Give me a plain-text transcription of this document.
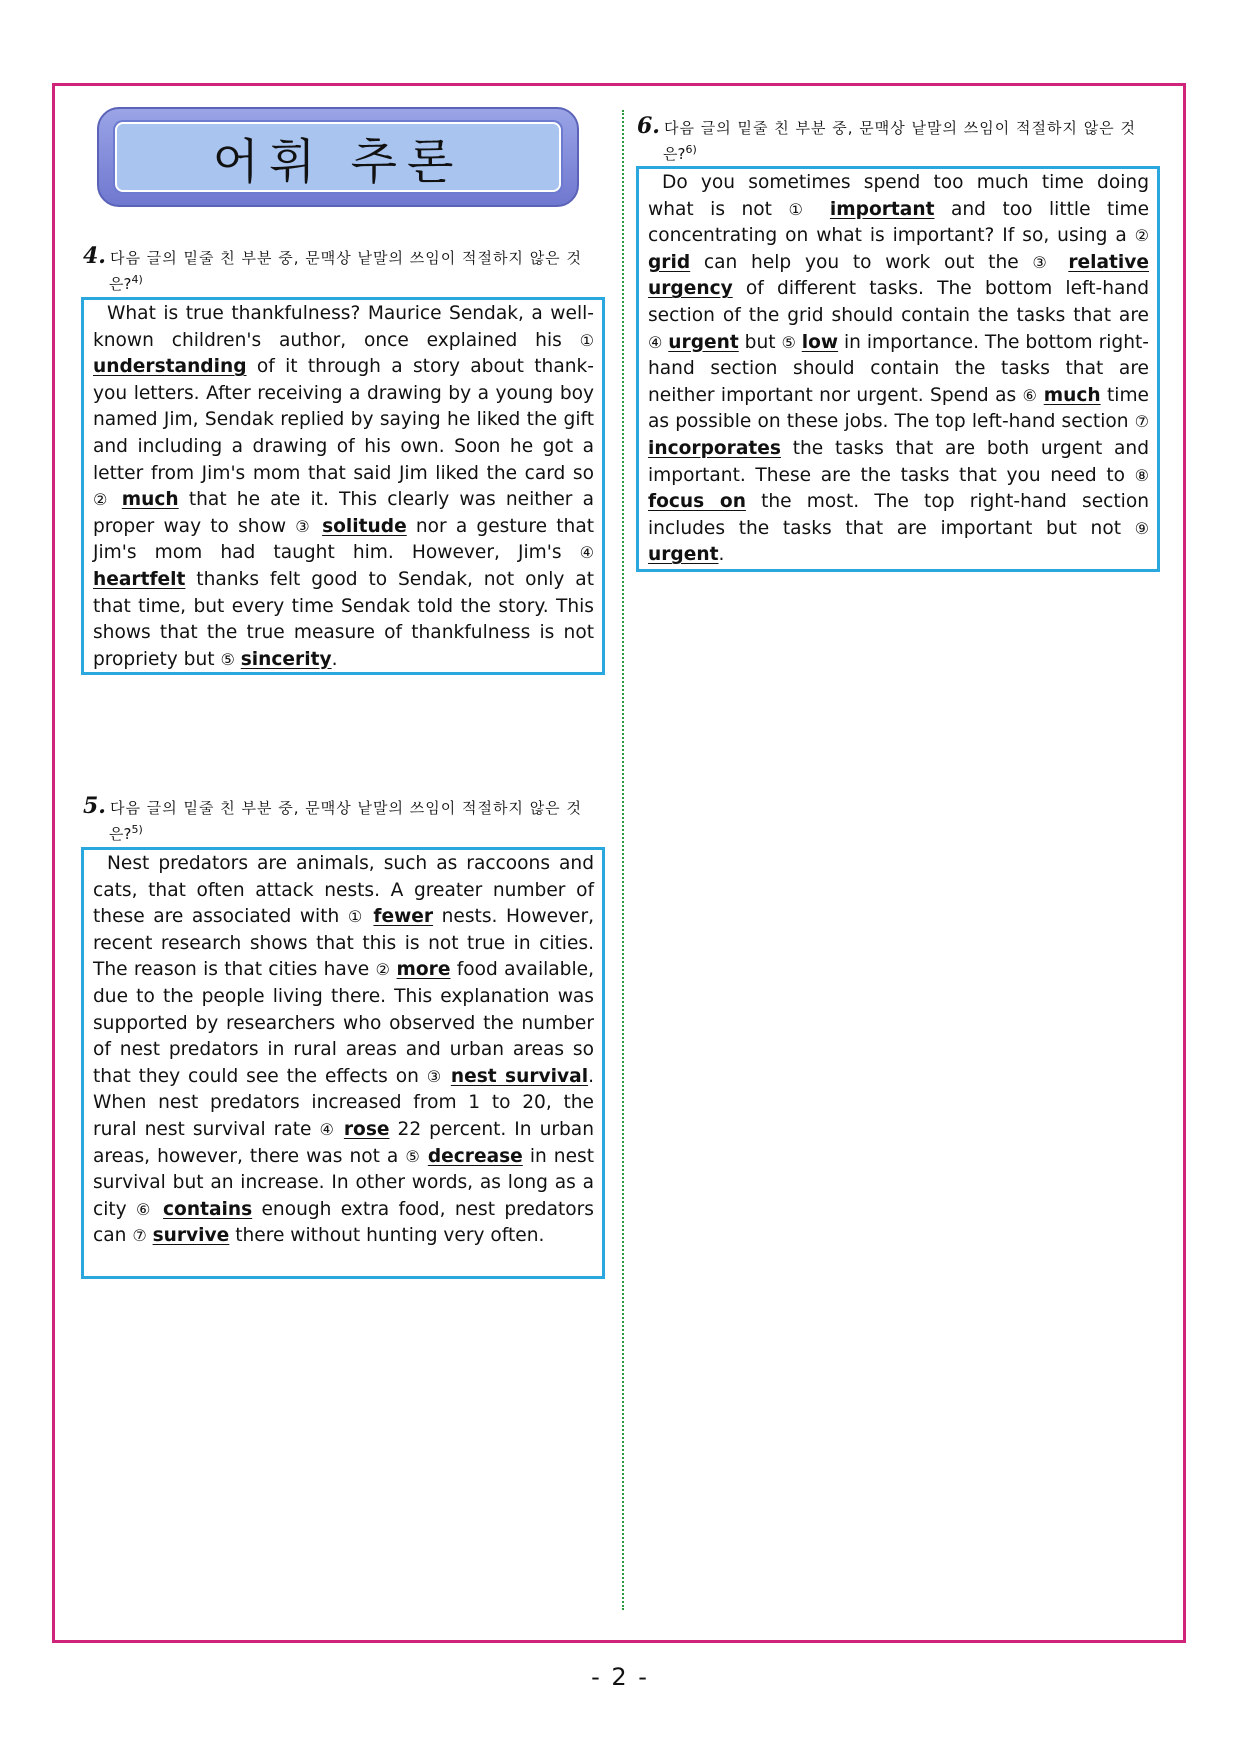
어휘 추론
4. 다음 글의 밑줄 친 부분 중, 문맥상 낱말의 쓰임이 적절하지 않은 것
은?$^{4)}$
What is true thankfulness? Maurice Sendak, a well-known children's author, once explained his ① understanding of it through a story about thank-you letters. After receiving a drawing by a young boy named Jim, Sendak replied by saying he liked the gift and including a drawing of his own. Soon he got a letter from Jim's mom that said Jim liked the card so ② much that he ate it. This clearly was neither a proper way to show ③ solitude nor a gesture that Jim's mom had taught him. However, Jim's ④ heartfelt thanks felt good to Sendak, not only at that time, but every time Sendak told the story. This shows that the true measure of thankfulness is not propriety but ⑤ sincerity.
5. 다음 글의 밑줄 친 부분 중, 문맥상 낱말의 쓰임이 적절하지 않은 것
은?$^{5)}$
Nest predators are animals, such as raccoons and cats, that often attack nests. A greater number of these are associated with ① fewer nests. However, recent research shows that this is not true in cities. The reason is that cities have ② more food available, due to the people living there. This explanation was supported by researchers who observed the number of nest predators in rural areas and urban areas so that they could see the effects on ③ nest survival. When nest predators increased from 1 to 20, the rural nest survival rate ④ rose 22 percent. In urban areas, however, there was not a ⑤ decrease in nest survival but an increase. In other words, as long as a city ⑥ contains enough extra food, nest predators can ⑦ survive there without hunting very often.
6. 다음 글의 밑줄 친 부분 중, 문맥상 낱말의 쓰임이 적절하지 않은 것
은?$^{6)}$
Do you sometimes spend too much time doing what is not ① important and too little time concentrating on what is important? If so, using a ② grid can help you to work out the ③ relative urgency of different tasks. The bottom left-hand section of the grid should contain the tasks that are ④ urgent but ⑤ low in importance. The bottom right-hand section should contain the tasks that are neither important nor urgent. Spend as ⑥ much time as possible on these jobs. The top left-hand section ⑦ incorporates the tasks that are both urgent and important. These are the tasks that you need to ⑧ focus on the most. The top right-hand section includes the tasks that are important but not ⑨ urgent.
- 2 -
